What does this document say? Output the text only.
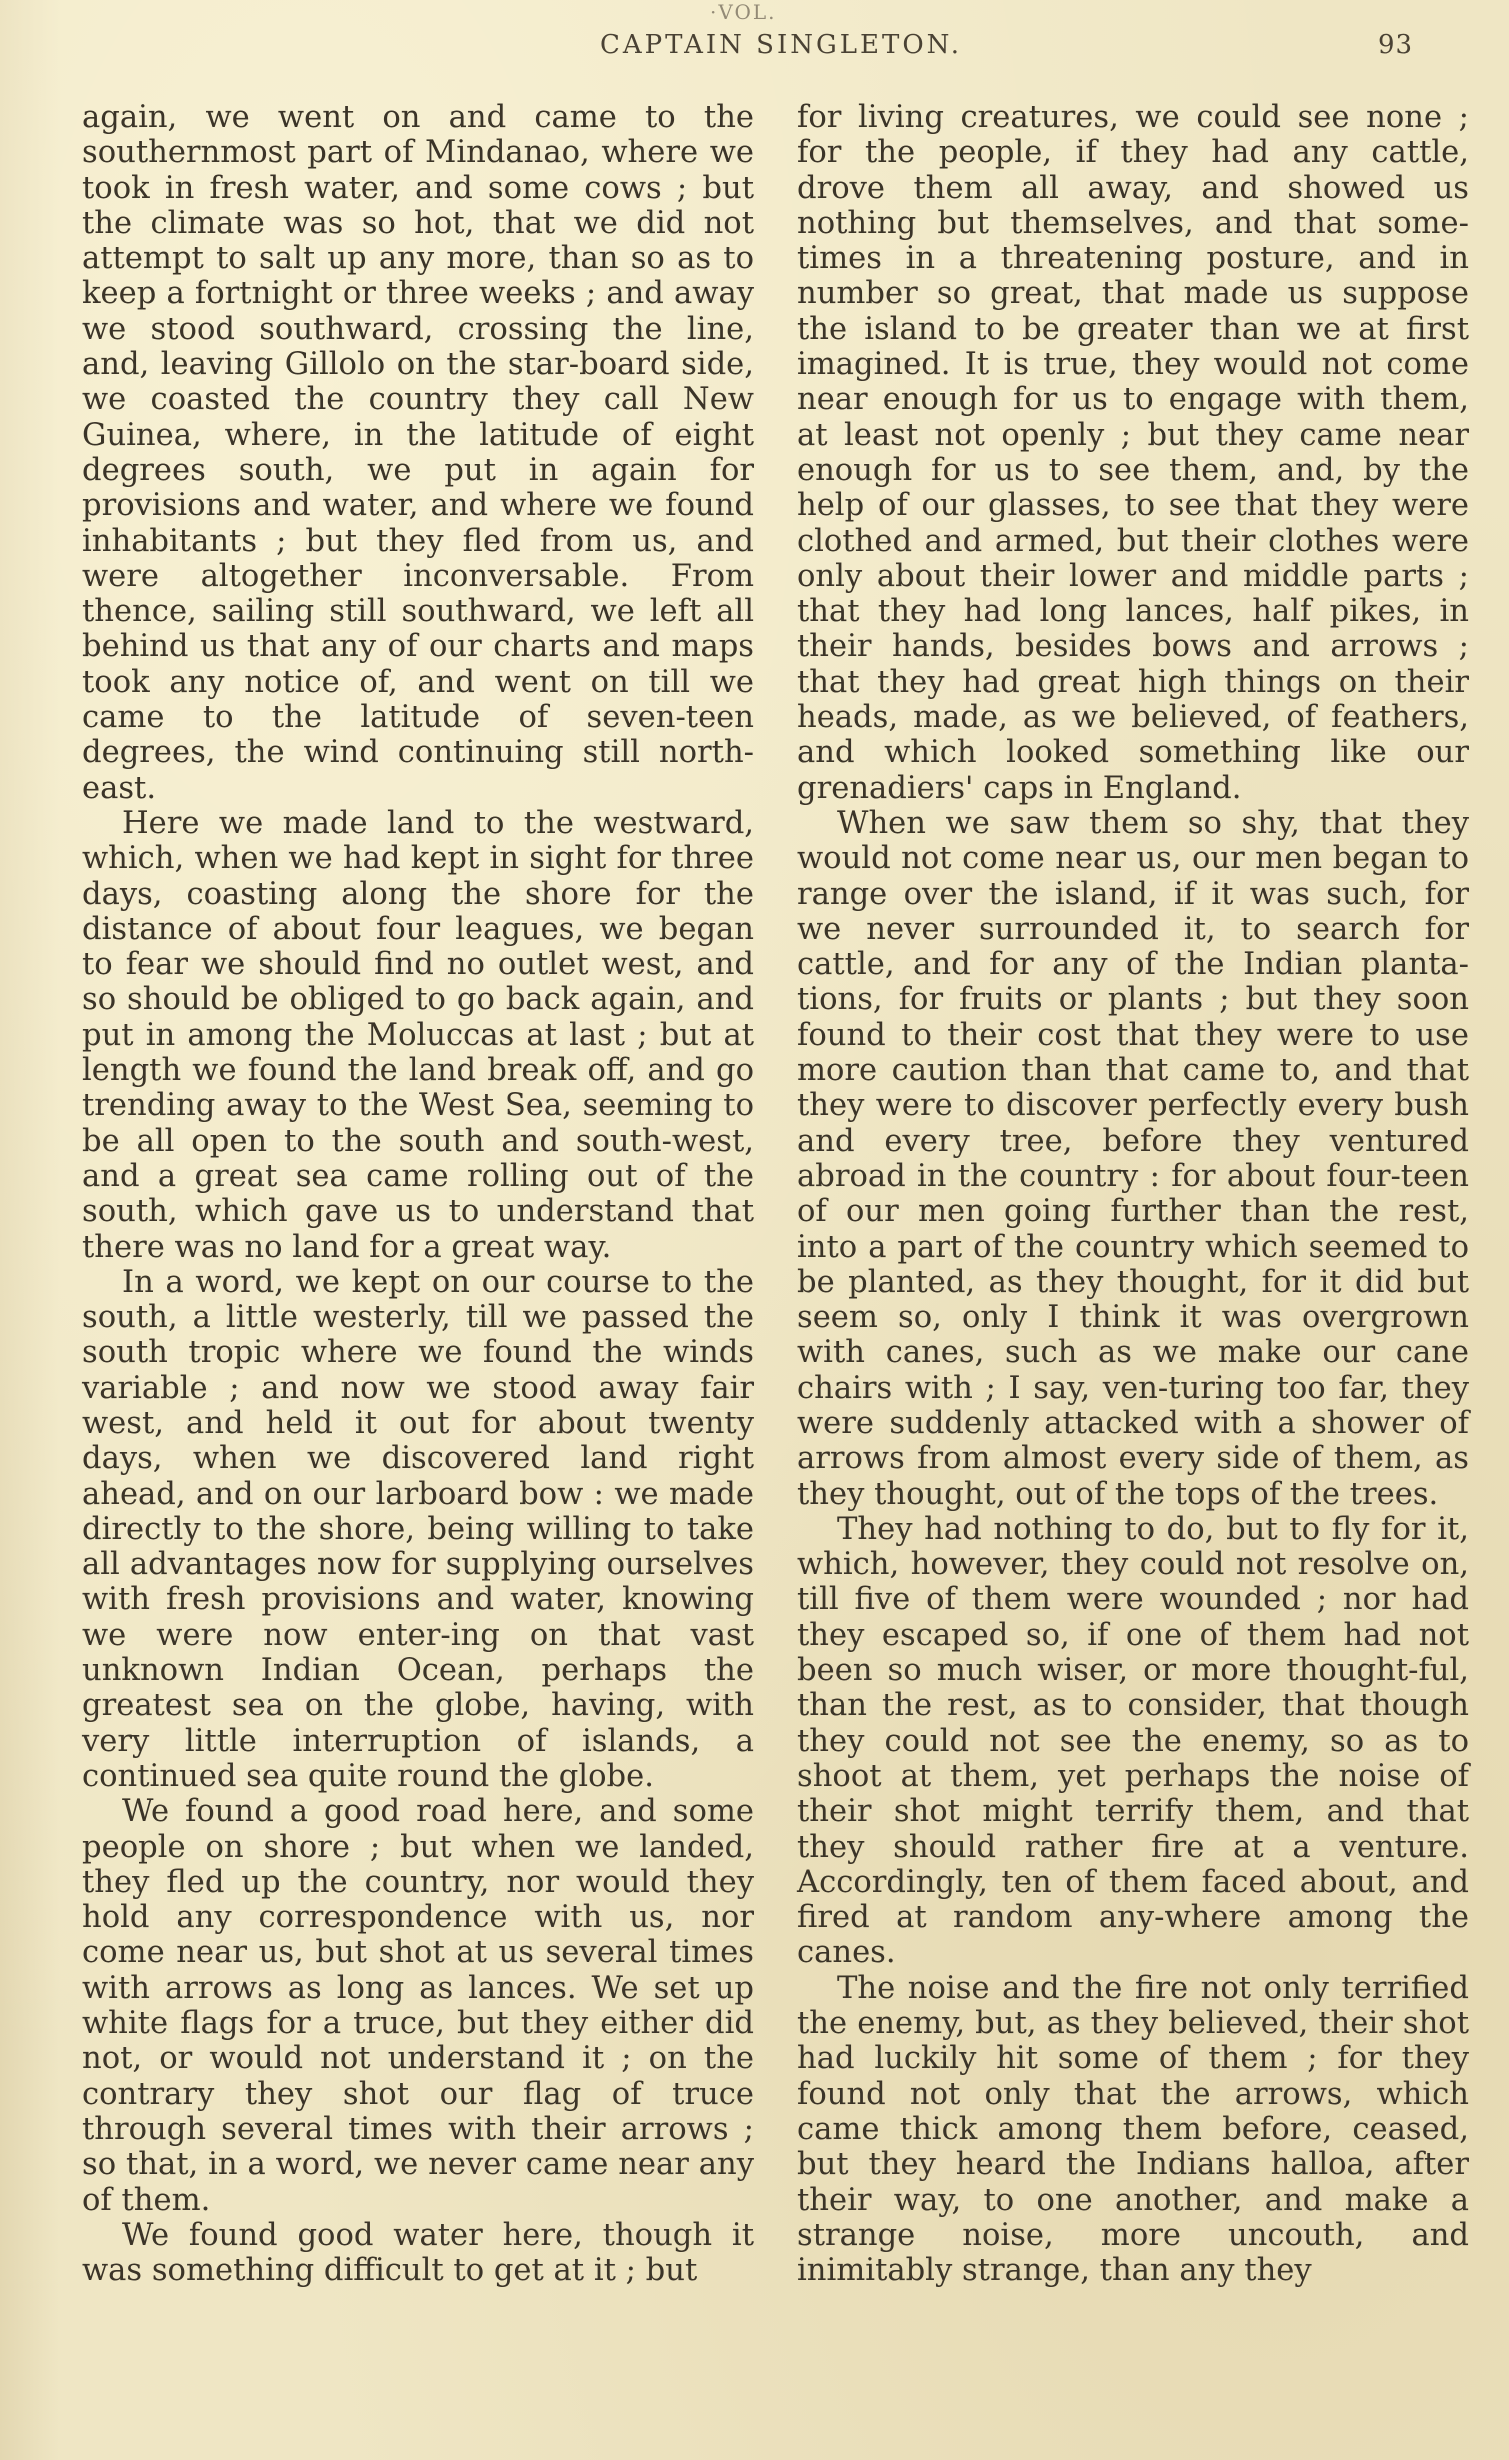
·VOL.
CAPTAIN SINGLETON.	93

again, we went on and came to the southernmost part of Mindanao, where we took in fresh water, and some cows ; but the climate was so hot, that we did not attempt to salt up any more, than so as to keep a fortnight or three weeks ; and away we stood southward, crossing the line, and, leaving Gillolo on the star-board side, we coasted the country they call New Guinea, where, in the latitude of eight degrees south, we put in again for provisions and water, and where we found inhabitants ; but they fled from us, and were altogether inconversable. From thence, sailing still southward, we left all behind us that any of our charts and maps took any notice of, and went on till we came to the latitude of seven-teen degrees, the wind continuing still north-east.

Here we made land to the westward, which, when we had kept in sight for three days, coasting along the shore for the distance of about four leagues, we began to fear we should find no outlet west, and so should be obliged to go back again, and put in among the Moluccas at last ; but at length we found the land break off, and go trending away to the West Sea, seeming to be all open to the south and south-west, and a great sea came rolling out of the south, which gave us to understand that there was no land for a great way.

In a word, we kept on our course to the south, a little westerly, till we passed the south tropic where we found the winds variable ; and now we stood away fair west, and held it out for about twenty days, when we discovered land right ahead, and on our larboard bow : we made directly to the shore, being willing to take all advantages now for supplying ourselves with fresh provisions and water, knowing we were now enter-ing on that vast unknown Indian Ocean, perhaps the greatest sea on the globe, having, with very little interruption of islands, a continued sea quite round the globe.

We found a good road here, and some people on shore ; but when we landed, they fled up the country, nor would they hold any correspondence with us, nor come near us, but shot at us several times with arrows as long as lances. We set up white flags for a truce, but they either did not, or would not understand it ; on the contrary they shot our flag of truce through several times with their arrows ; so that, in a word, we never came near any of them.

We found good water here, though it was something difficult to get at it ; but

for living creatures, we could see none ; for the people, if they had any cattle, drove them all away, and showed us nothing but themselves, and that some-times in a threatening posture, and in number so great, that made us suppose the island to be greater than we at first imagined. It is true, they would not come near enough for us to engage with them, at least not openly ; but they came near enough for us to see them, and, by the help of our glasses, to see that they were clothed and armed, but their clothes were only about their lower and middle parts ; that they had long lances, half pikes, in their hands, besides bows and arrows ; that they had great high things on their heads, made, as we believed, of feathers, and which looked something like our grenadiers' caps in England.

When we saw them so shy, that they would not come near us, our men began to range over the island, if it was such, for we never surrounded it, to search for cattle, and for any of the Indian planta-tions, for fruits or plants ; but they soon found to their cost that they were to use more caution than that came to, and that they were to discover perfectly every bush and every tree, before they ventured abroad in the country : for about four-teen of our men going further than the rest, into a part of the country which seemed to be planted, as they thought, for it did but seem so, only I think it was overgrown with canes, such as we make our cane chairs with ; I say, ven-turing too far, they were suddenly attacked with a shower of arrows from almost every side of them, as they thought, out of the tops of the trees.

They had nothing to do, but to fly for it, which, however, they could not resolve on, till five of them were wounded ; nor had they escaped so, if one of them had not been so much wiser, or more thought-ful, than the rest, as to consider, that though they could not see the enemy, so as to shoot at them, yet perhaps the noise of their shot might terrify them, and that they should rather fire at a venture. Accordingly, ten of them faced about, and fired at random any-where among the canes.

The noise and the fire not only terrified the enemy, but, as they believed, their shot had luckily hit some of them ; for they found not only that the arrows, which came thick among them before, ceased, but they heard the Indians halloa, after their way, to one another, and make a strange noise, more uncouth, and inimitably strange, than any they
